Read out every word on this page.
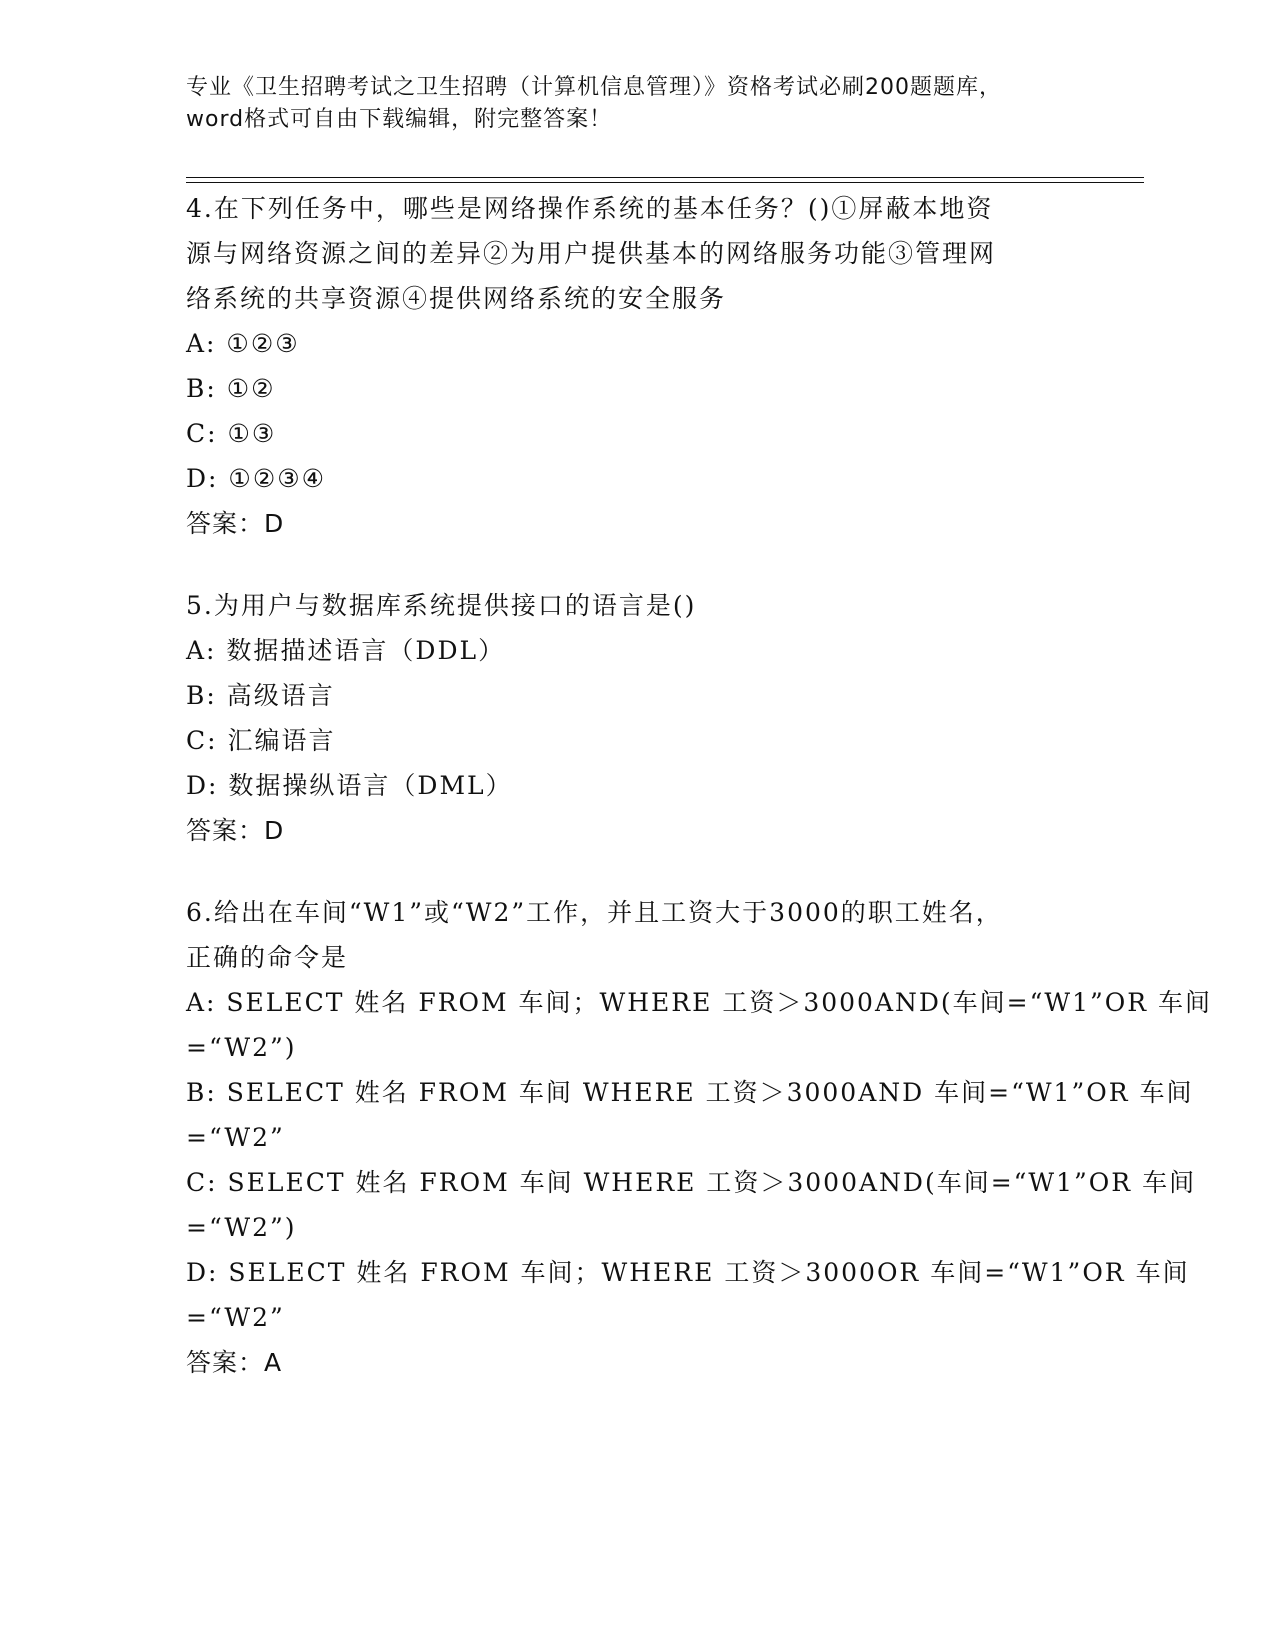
专业《卫生招聘考试之卫生招聘（计算机信息管理）》资格考试必刷200题题库，
word格式可自由下载编辑，附完整答案！
4.在下列任务中，哪些是网络操作系统的基本任务？()①屏蔽本地资
源与网络资源之间的差异②为用户提供基本的网络服务功能③管理网
络系统的共享资源④提供网络系统的安全服务
A: ①②③
B: ①②
C: ①③
D: ①②③④
答案：D
5.为用户与数据库系统提供接口的语言是()
A: 数据描述语言（DDL）
B: 高级语言
C: 汇编语言
D: 数据操纵语言（DML）
答案：D
6.给出在车间“W1”或“W2”工作，并且工资大于3000的职工姓名，
正确的命令是
A: SELECT 姓名 FROM 车间；WHERE 工资＞3000AND(车间=“W1”OR 车间
=“W2”)
B: SELECT 姓名 FROM 车间 WHERE 工资＞3000AND 车间=“W1”OR 车间
=“W2”
C: SELECT 姓名 FROM 车间 WHERE 工资＞3000AND(车间=“W1”OR 车间
=“W2”)
D: SELECT 姓名 FROM 车间；WHERE 工资＞3000OR 车间=“W1”OR 车间
=“W2”
答案：A
